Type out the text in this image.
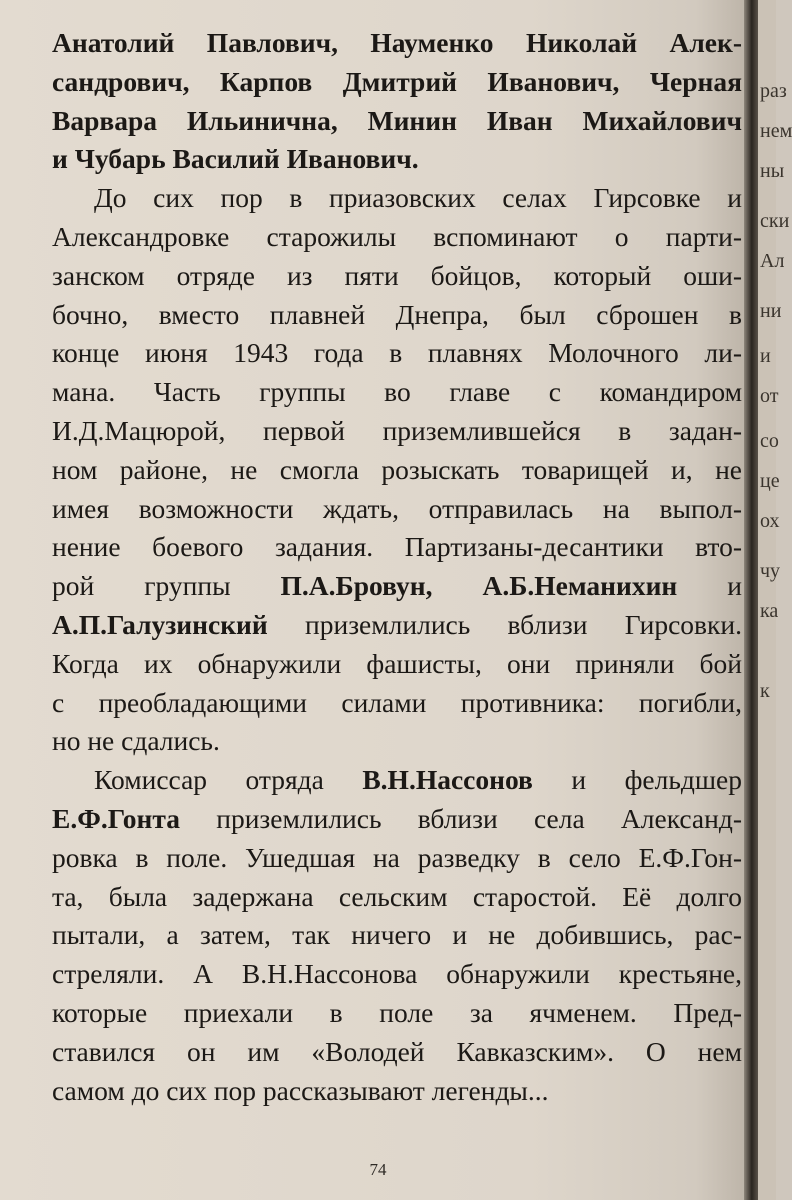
Анатолий Павлович, Науменко Николай Алек-
сандрович, Карпов Дмитрий Иванович, Черная
Варвара Ильинична, Минин Иван Михайлович
и Чубарь Василий Иванович.
До сих пор в приазовских селах Гирсовке и
Александровке старожилы вспоминают о парти-
занском отряде из пяти бойцов, который оши-
бочно, вместо плавней Днепра, был сброшен в
конце июня 1943 года в плавнях Молочного ли-
мана. Часть группы во главе с командиром
И.Д.Мацюрой, первой приземлившейся в задан-
ном районе, не смогла розыскать товарищей и, не
имея возможности ждать, отправилась на выпол-
нение боевого задания. Партизаны-десантики вто-
рой группы П.А.Бровун, А.Б.Неманихин и
А.П.Галузинский приземлились вблизи Гирсовки.
Когда их обнаружили фашисты, они приняли бой
с преобладающими силами противника: погибли,
но не сдались.
Комиссар отряда В.Н.Нассонов и фельдшер
Е.Ф.Гонта приземлились вблизи села Александ-
ровка в поле. Ушедшая на разведку в село Е.Ф.Гон-
та, была задержана сельским старостой. Её долго
пытали, а затем, так ничего и не добившись, рас-
стреляли. А В.Н.Нассонова обнаружили крестьяне,
которые приехали в поле за ячменем. Пред-
ставился он им «Володей Кавказским». О нем
самом до сих пор рассказывают легенды...
74
раз
нем
ны
ски
Ал
ни
и
от
со
це
ох
чу
ка
к
